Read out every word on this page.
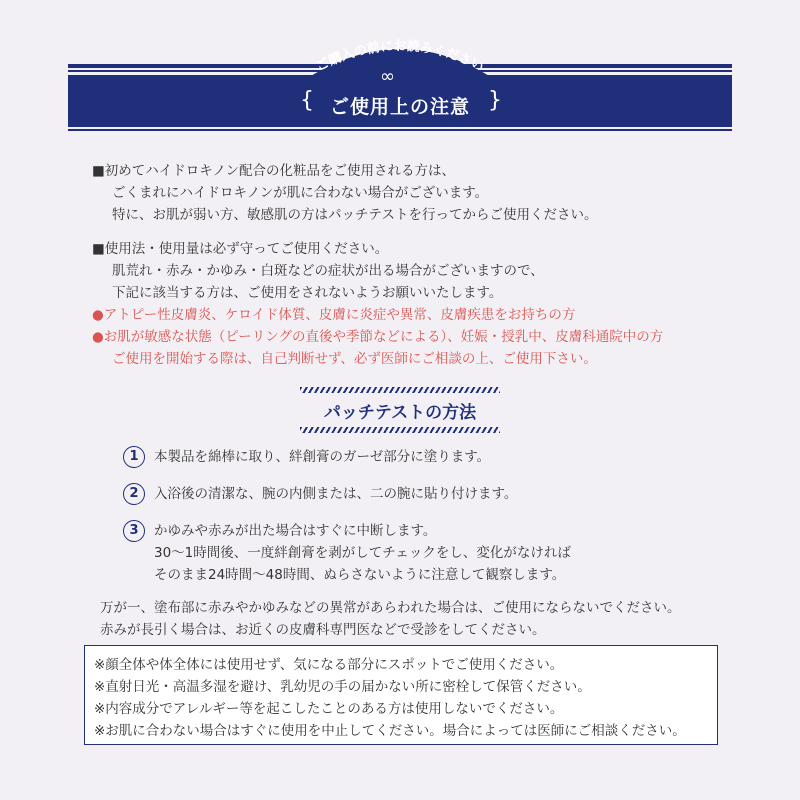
ご購入の前にお読みください
∞
{ ご使用上の注意 }
■初めてハイドロキノン配合の化粧品をご使用される方は、
ごくまれにハイドロキノンが肌に合わない場合がございます。
特に、お肌が弱い方、敏感肌の方はパッチテストを行ってからご使用ください。
■使用法・使用量は必ず守ってご使用ください。
肌荒れ・赤み・かゆみ・白斑などの症状が出る場合がございますので、
下記に該当する方は、ご使用をされないようお願いいたします。
●アトピー性皮膚炎、ケロイド体質、皮膚に炎症や異常、皮膚疾患をお持ちの方
●お肌が敏感な状態（ピーリングの直後や季節などによる）、妊娠・授乳中、皮膚科通院中の方
ご使用を開始する際は、自己判断せず、必ず医師にご相談の上、ご使用下さい。
パッチテストの方法
1	本製品を綿棒に取り、絆創膏のガーゼ部分に塗ります。
2	入浴後の清潔な、腕の内側または、二の腕に貼り付けます。
3	かゆみや赤みが出た場合はすぐに中断します。
30〜1時間後、一度絆創膏を剥がしてチェックをし、変化がなければ
そのまま24時間〜48時間、ぬらさないように注意して観察します。
万が一、塗布部に赤みやかゆみなどの異常があらわれた場合は、ご使用にならないでください。
赤みが長引く場合は、お近くの皮膚科専門医などで受診をしてください。
※顔全体や体全体には使用せず、気になる部分にスポットでご使用ください。
※直射日光・高温多湿を避け、乳幼児の手の届かない所に密栓して保管ください。
※内容成分でアレルギー等を起こしたことのある方は使用しないでください。
※お肌に合わない場合はすぐに使用を中止してください。場合によっては医師にご相談ください。
